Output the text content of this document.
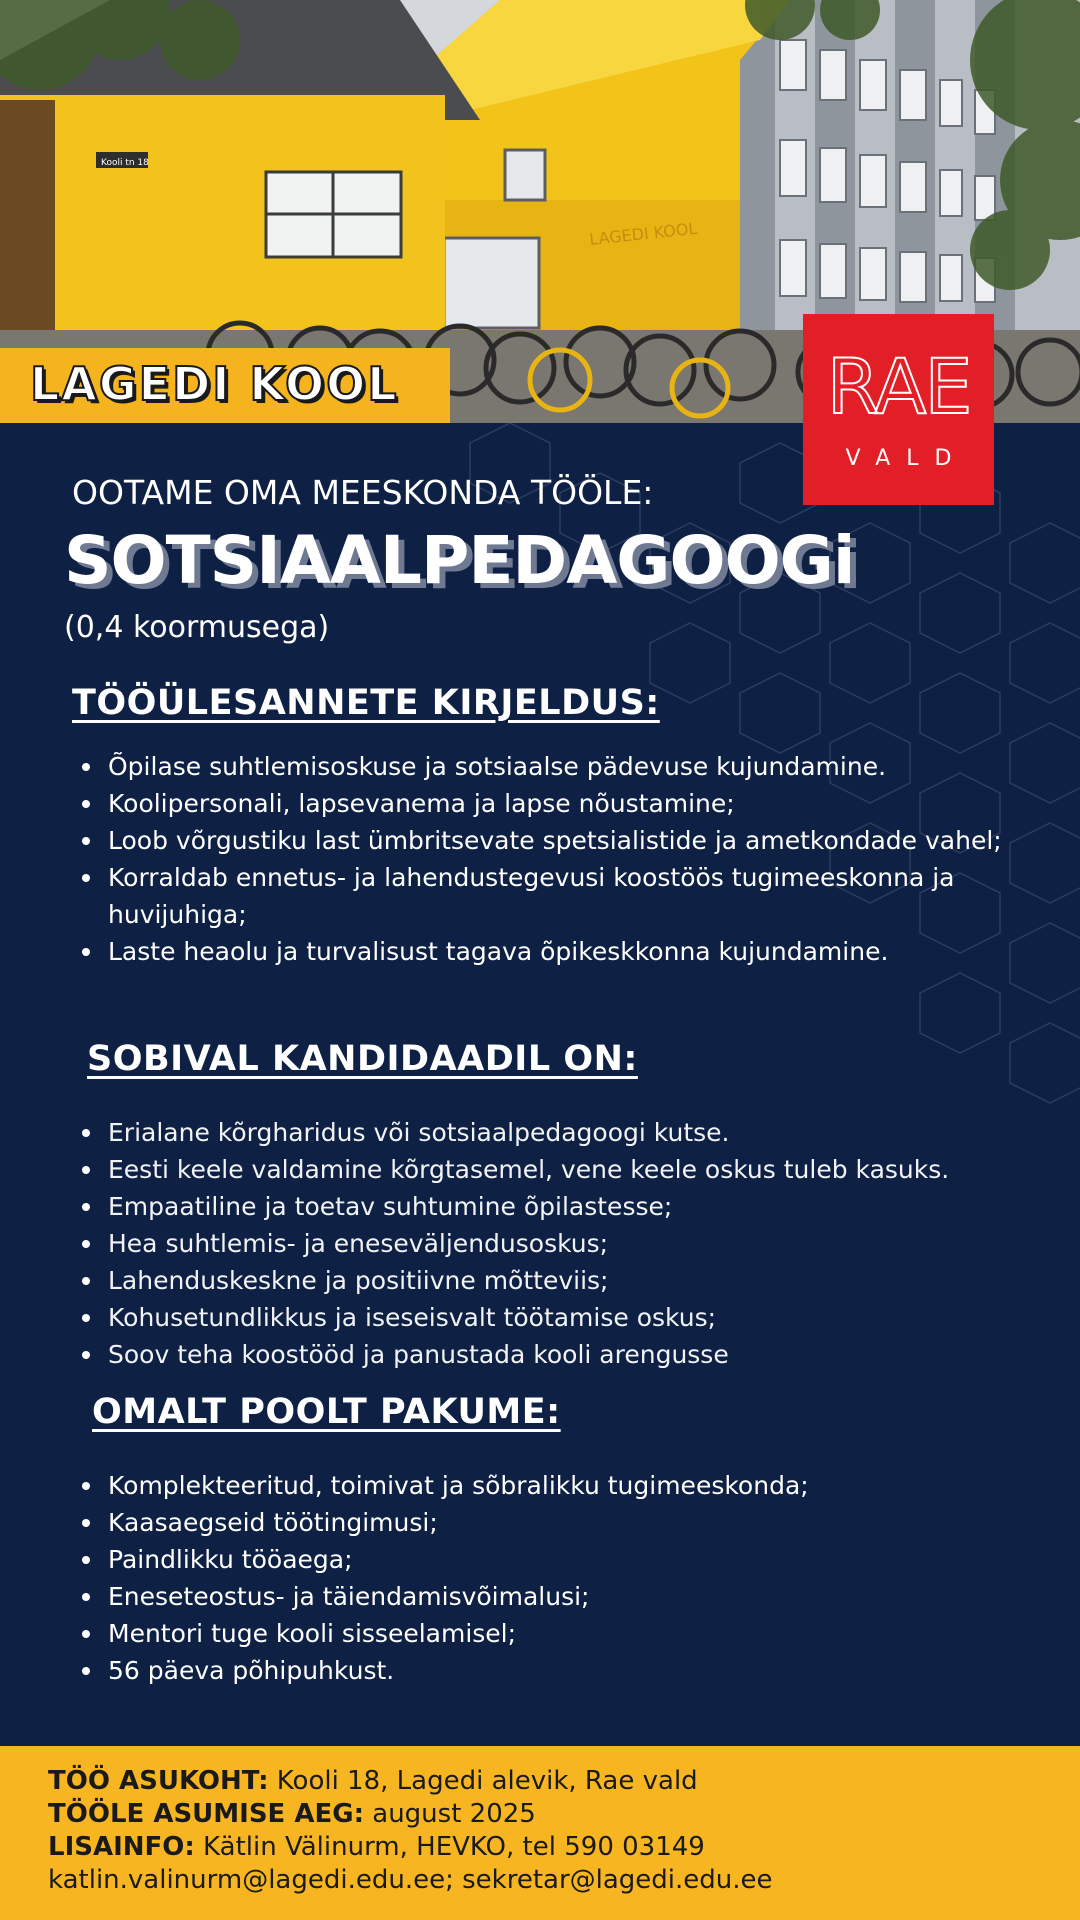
LAGEDI KOOL
Kooli tn 18
LAGEDI KOOL	RAE
VALD
OOTAME OMA MEESKONDA TÖÖLE:
SOTSIAALPEDAGOOGi
(0,4 koormusega)
TÖÖÜLESANNETE KIRJELDUS:
Õpilase suhtlemisoskuse ja sotsiaalse pädevuse kujundamine.
Koolipersonali, lapsevanema ja lapse nõustamine;
Loob võrgustiku last ümbritsevate spetsialistide ja ametkondade vahel;
Korraldab ennetus- ja lahendustegevusi koostöös tugimeeskonna ja huvijuhiga;
Laste heaolu ja turvalisust tagava õpikeskkonna kujundamine.
SOBIVAL KANDIDAADIL ON:
Erialane kõrgharidus või sotsiaalpedagoogi kutse.
Eesti keele valdamine kõrgtasemel, vene keele oskus tuleb kasuks.
Empaatiline ja toetav suhtumine õpilastesse;
Hea suhtlemis- ja eneseväljendusoskus;
Lahenduskeskne ja positiivne mõtteviis;
Kohusetundlikkus ja iseseisvalt töötamise oskus;
Soov teha koostööd ja panustada kooli arengusse
OMALT POOLT PAKUME:
Komplekteeritud, toimivat ja sõbralikku tugimeeskonda;
Kaasaegseid töötingimusi;
Paindlikku tööaega;
Eneseteostus- ja täiendamisvõimalusi;
Mentori tuge kooli sisseelamisel;
56 päeva põhipuhkust.
TÖÖ ASUKOHT: Kooli 18, Lagedi alevik, Rae vald
TÖÖLE ASUMISE AEG: august 2025
LISAINFO: Kätlin Välinurm, HEVKO, tel 590 03149
katlin.valinurm@lagedi.edu.ee; sekretar@lagedi.edu.ee
